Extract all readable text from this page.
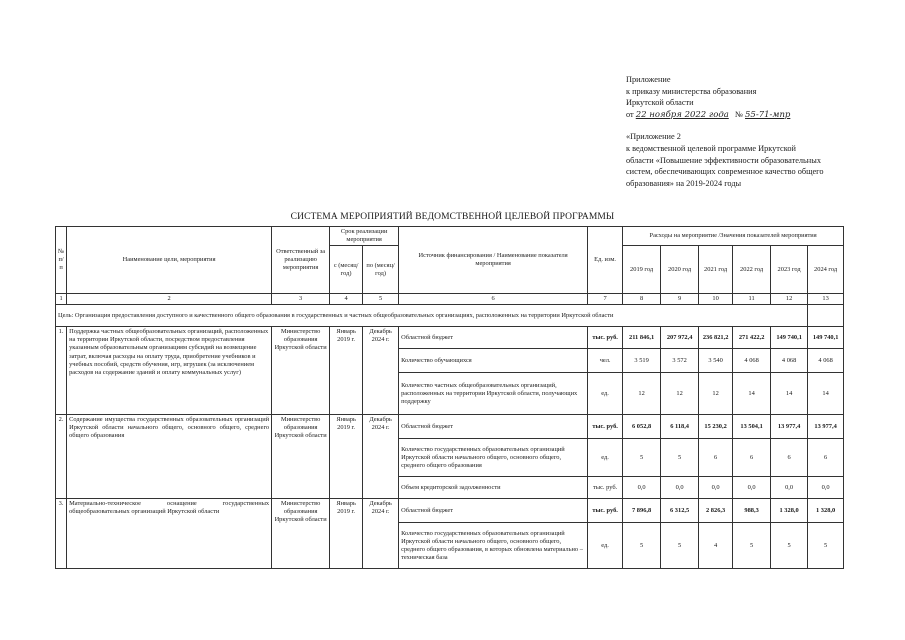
Приложение
к приказу министерства образования
Иркутской области
от 22 ноября 2022 года № 55-71-мпр
«Приложение 2
к ведомственной целевой программе Иркутской
области «Повышение эффективности образовательных
систем, обеспечивающих современное качество общего
образования» на 2019-2024 годы
СИСТЕМА МЕРОПРИЯТИЙ ВЕДОМСТВЕННОЙ ЦЕЛЕВОЙ ПРОГРАММЫ
№ п/п	Наименование цели, мероприятия	Ответственный за реализацию мероприятия	Срок реализации мероприятия		Источник финансирования / Наименование показателя мероприятия	Ед. изм.	Расходы на мероприятие /Значения показателей мероприятия					
			с (месяц/ год)	по (месяц/ год)			2019 год	2020 год	2021 год	2022 год	2023 год	2024 год
1	2	3	4	5	6	7	8	9	10	11	12	13
Цель: Организация предоставления доступного и качественного общего образования в государственных и частных общеобразовательных организациях, расположенных на территории Иркутской области												
1.	Поддержка частных общеобразовательных организаций, расположенных на территории Иркутской области, посредством предоставления указанным образовательным организациям субсидий на возмещение затрат, включая расходы на оплату труда, приобретение учебников и учебных пособий, средств обучения, игр, игрушек (за исключением расходов на содержание зданий и оплату коммунальных услуг)	Министерство образования Иркутской области	Январь 2019 г.	Декабрь 2024 г.	Областной бюджет	тыс. руб.	211 846,1	207 972,4	236 821,2	271 422,2	149 740,1	149 740,1
					Количество обучающихся	чел.	3 519	3 572	3 540	4 068	4 068	4 068
					Количество частных общеобразовательных организаций, расположенных на территории Иркутской области, получающих поддержку	ед.	12	12	12	14	14	14
2.	Содержание имущества государственных образовательных организаций Иркутской области начального общего, основного общего, среднего общего образования	Министерство образования Иркутской области	Январь 2019 г.	Декабрь 2024 г.	Областной бюджет	тыс. руб.	6 052,8	6 118,4	15 230,2	13 504,1	13 977,4	13 977,4
					Количество государственных образовательных организаций Иркутской области начального общего, основного общего, среднего общего образования	ед.	5	5	6	6	6	6
					Объем кредиторской задолженности	тыс. руб.	0,0	0,0	0,0	0,0	0,0	0,0
3.	Материально-техническое оснащение государственных общеобразовательных организаций Иркутской области	Министерство образования Иркутской области	Январь 2019 г.	Декабрь 2024 г.	Областной бюджет	тыс. руб.	7 896,8	6 312,5	2 826,3	988,3	1 328,0	1 328,0
					Количество государственных образовательных организаций Иркутской области начального общего, основного общего, среднего общего образования, в которых обновлена материально – техническая база	ед.	5	5	4	5	5	5
